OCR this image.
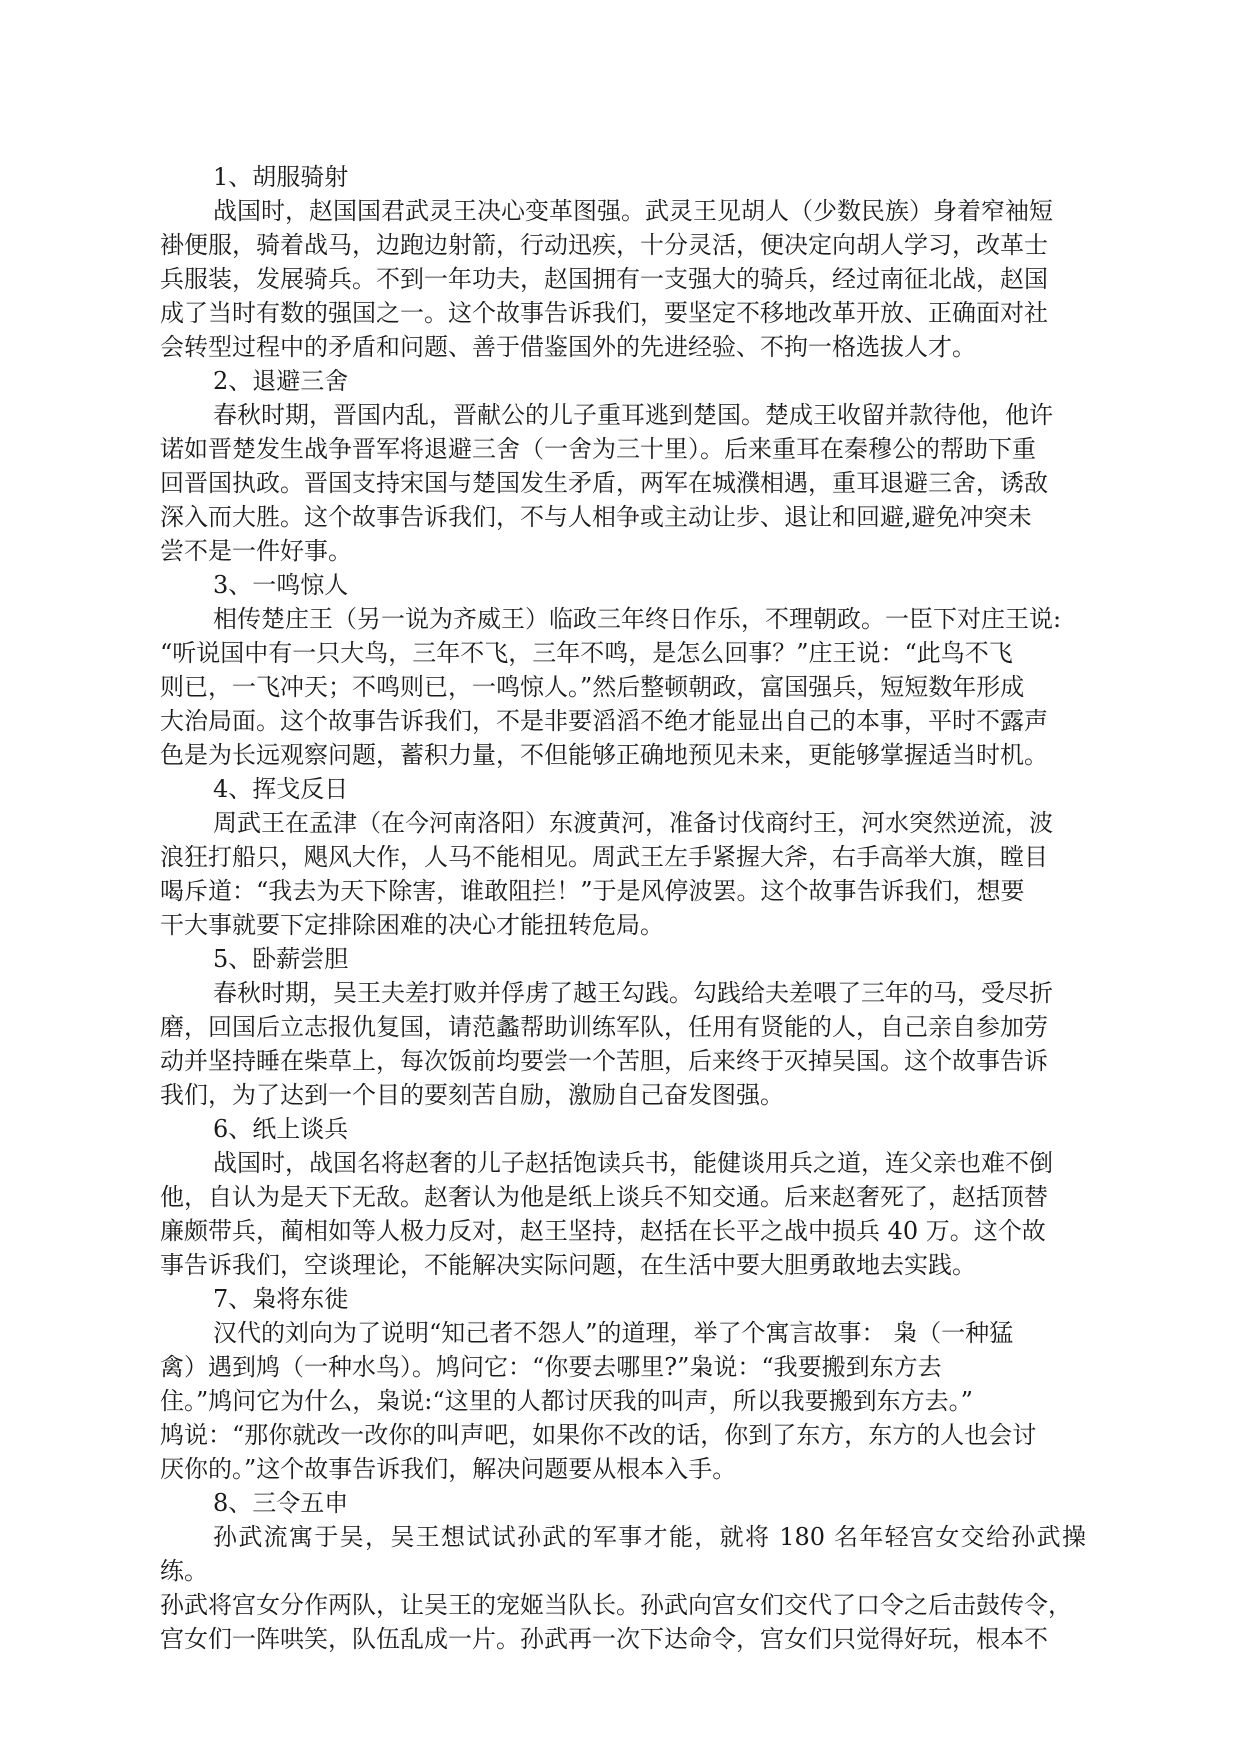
1、胡服骑射

战国时，赵国国君武灵王决心变革图强。武灵王见胡人（少数民族）身着窄袖短
褂便服，骑着战马，边跑边射箭，行动迅疾，十分灵活，便决定向胡人学习，改革士
兵服装，发展骑兵。不到一年功夫，赵国拥有一支强大的骑兵，经过南征北战，赵国
成了当时有数的强国之一。这个故事告诉我们，要坚定不移地改革开放、正确面对社
会转型过程中的矛盾和问题、善于借鉴国外的先进经验、不拘一格选拔人才。

2、退避三舍

春秋时期，晋国内乱，晋献公的儿子重耳逃到楚国。楚成王收留并款待他，他许
诺如晋楚发生战争晋军将退避三舍（一舍为三十里）。后来重耳在秦穆公的帮助下重
回晋国执政。晋国支持宋国与楚国发生矛盾，两军在城濮相遇，重耳退避三舍，诱敌
深入而大胜。这个故事告诉我们，不与人相争或主动让步、退让和回避,避免冲突未
尝不是一件好事。

3、一鸣惊人

相传楚庄王（另一说为齐威王）临政三年终日作乐，不理朝政。一臣下对庄王说:
“听说国中有一只大鸟，三年不飞，三年不鸣，是怎么回事？”庄王说：“此鸟不飞
则已，一飞冲天；不鸣则已，一鸣惊人。”然后整顿朝政，富国强兵，短短数年形成
大治局面。这个故事告诉我们，不是非要滔滔不绝才能显出自己的本事，平时不露声
色是为长远观察问题，蓄积力量，不但能够正确地预见未来，更能够掌握适当时机。

4、挥戈反日

周武王在孟津（在今河南洛阳）东渡黄河，准备讨伐商纣王，河水突然逆流，波
浪狂打船只，飓风大作，人马不能相见。周武王左手紧握大斧，右手高举大旗，瞠目
喝斥道：“我去为天下除害，谁敢阻拦！”于是风停波罢。这个故事告诉我们，想要
干大事就要下定排除困难的决心才能扭转危局。

5、卧薪尝胆

春秋时期，吴王夫差打败并俘虏了越王勾践。勾践给夫差喂了三年的马，受尽折
磨，回国后立志报仇复国，请范蠡帮助训练军队，任用有贤能的人，自己亲自参加劳
动并坚持睡在柴草上，每次饭前均要尝一个苦胆，后来终于灭掉吴国。这个故事告诉
我们，为了达到一个目的要刻苦自励，激励自己奋发图强。

6、纸上谈兵

战国时，战国名将赵奢的儿子赵括饱读兵书，能健谈用兵之道，连父亲也难不倒
他，自认为是天下无敌。赵奢认为他是纸上谈兵不知交通。后来赵奢死了，赵括顶替
廉颇带兵，蔺相如等人极力反对，赵王坚持，赵括在长平之战中损兵 40 万。这个故
事告诉我们，空谈理论，不能解决实际问题，在生活中要大胆勇敢地去实践。

7、枭将东徙

汉代的刘向为了说明“知己者不怨人”的道理，举了个寓言故事： 枭（一种猛
禽）遇到鸠（一种水鸟）。鸠问它：“你要去哪里?”枭说：“我要搬到东方去
住。”鸠问它为什么，枭说:“这里的人都讨厌我的叫声，所以我要搬到东方去。”
鸠说：“那你就改一改你的叫声吧，如果你不改的话，你到了东方，东方的人也会讨
厌你的。”这个故事告诉我们，解决问题要从根本入手。

8、三令五申

孙武流寓于吴，吴王想试试孙武的军事才能，就将 180 名年轻宫女交给孙武操练。
孙武将宫女分作两队，让吴王的宠姬当队长。孙武向宫女们交代了口令之后击鼓传令，
宫女们一阵哄笑，队伍乱成一片。孙武再一次下达命令，宫女们只觉得好玩，根本不
